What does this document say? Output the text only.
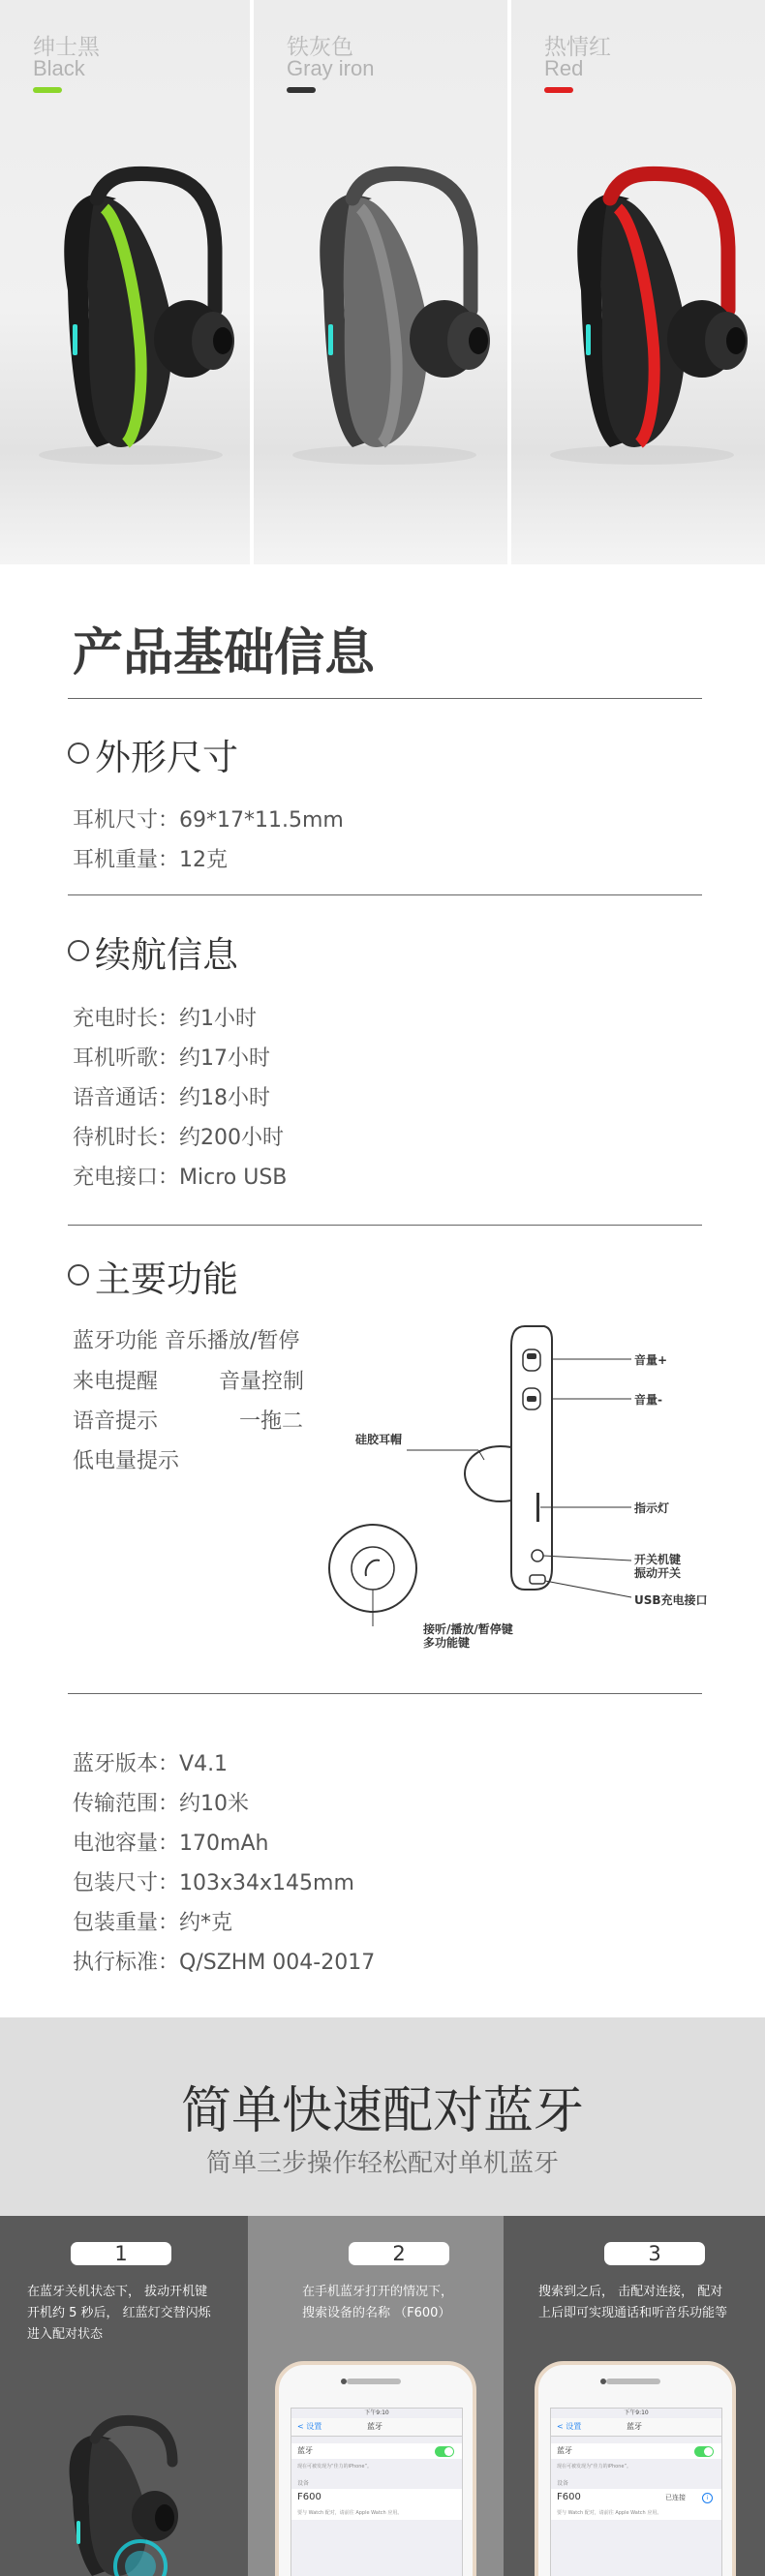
绅士黑
Black
铁灰色
Gray iron
热情红
Red
产品基础信息
外形尺寸
耳机尺寸：69*17*11.5mm
耳机重量：12克
续航信息
充电时长：约1小时
耳机听歌：约17小时
语音通话：约18小时
待机时长：约200小时
充电接口：Micro USB
主要功能
蓝牙功能 音乐播放/暂停
来电提醒	音量控制
语音提示	一拖二
低电量提示
音量+
音量-
硅胶耳帽
指示灯
开关机键
振动开关
USB充电接口
接听/播放/暂停键
多功能键
蓝牙版本：V4.1
传输范围：约10米
电池容量：170mAh
包装尺寸：103x34x145mm
包装重量：约*克
执行标准：Q/SZHM 004-2017
简单快速配对蓝牙
简单三步操作轻松配对单机蓝牙
1
在蓝牙关机状态下， 拔动开机键
开机约 5 秒后， 红蓝灯交替闪烁
进入配对状态
2
在手机蓝牙打开的情况下，
搜索设备的名称 （F600）
下午9:10
< 设置	蓝牙
蓝牙
现在可被发现为“佳力的iPhone”。
设备
F600
要与 Watch 配对，请前往 Apple Watch 应用。
3
搜索到之后， 击配对连接， 配对
上后即可实现通话和听音乐功能等
下午9:10
< 设置	蓝牙
蓝牙
现在可被发现为“佳力的iPhone”。
设备
F600	已连接	i
要与 Watch 配对，请前往 Apple Watch 应用。
